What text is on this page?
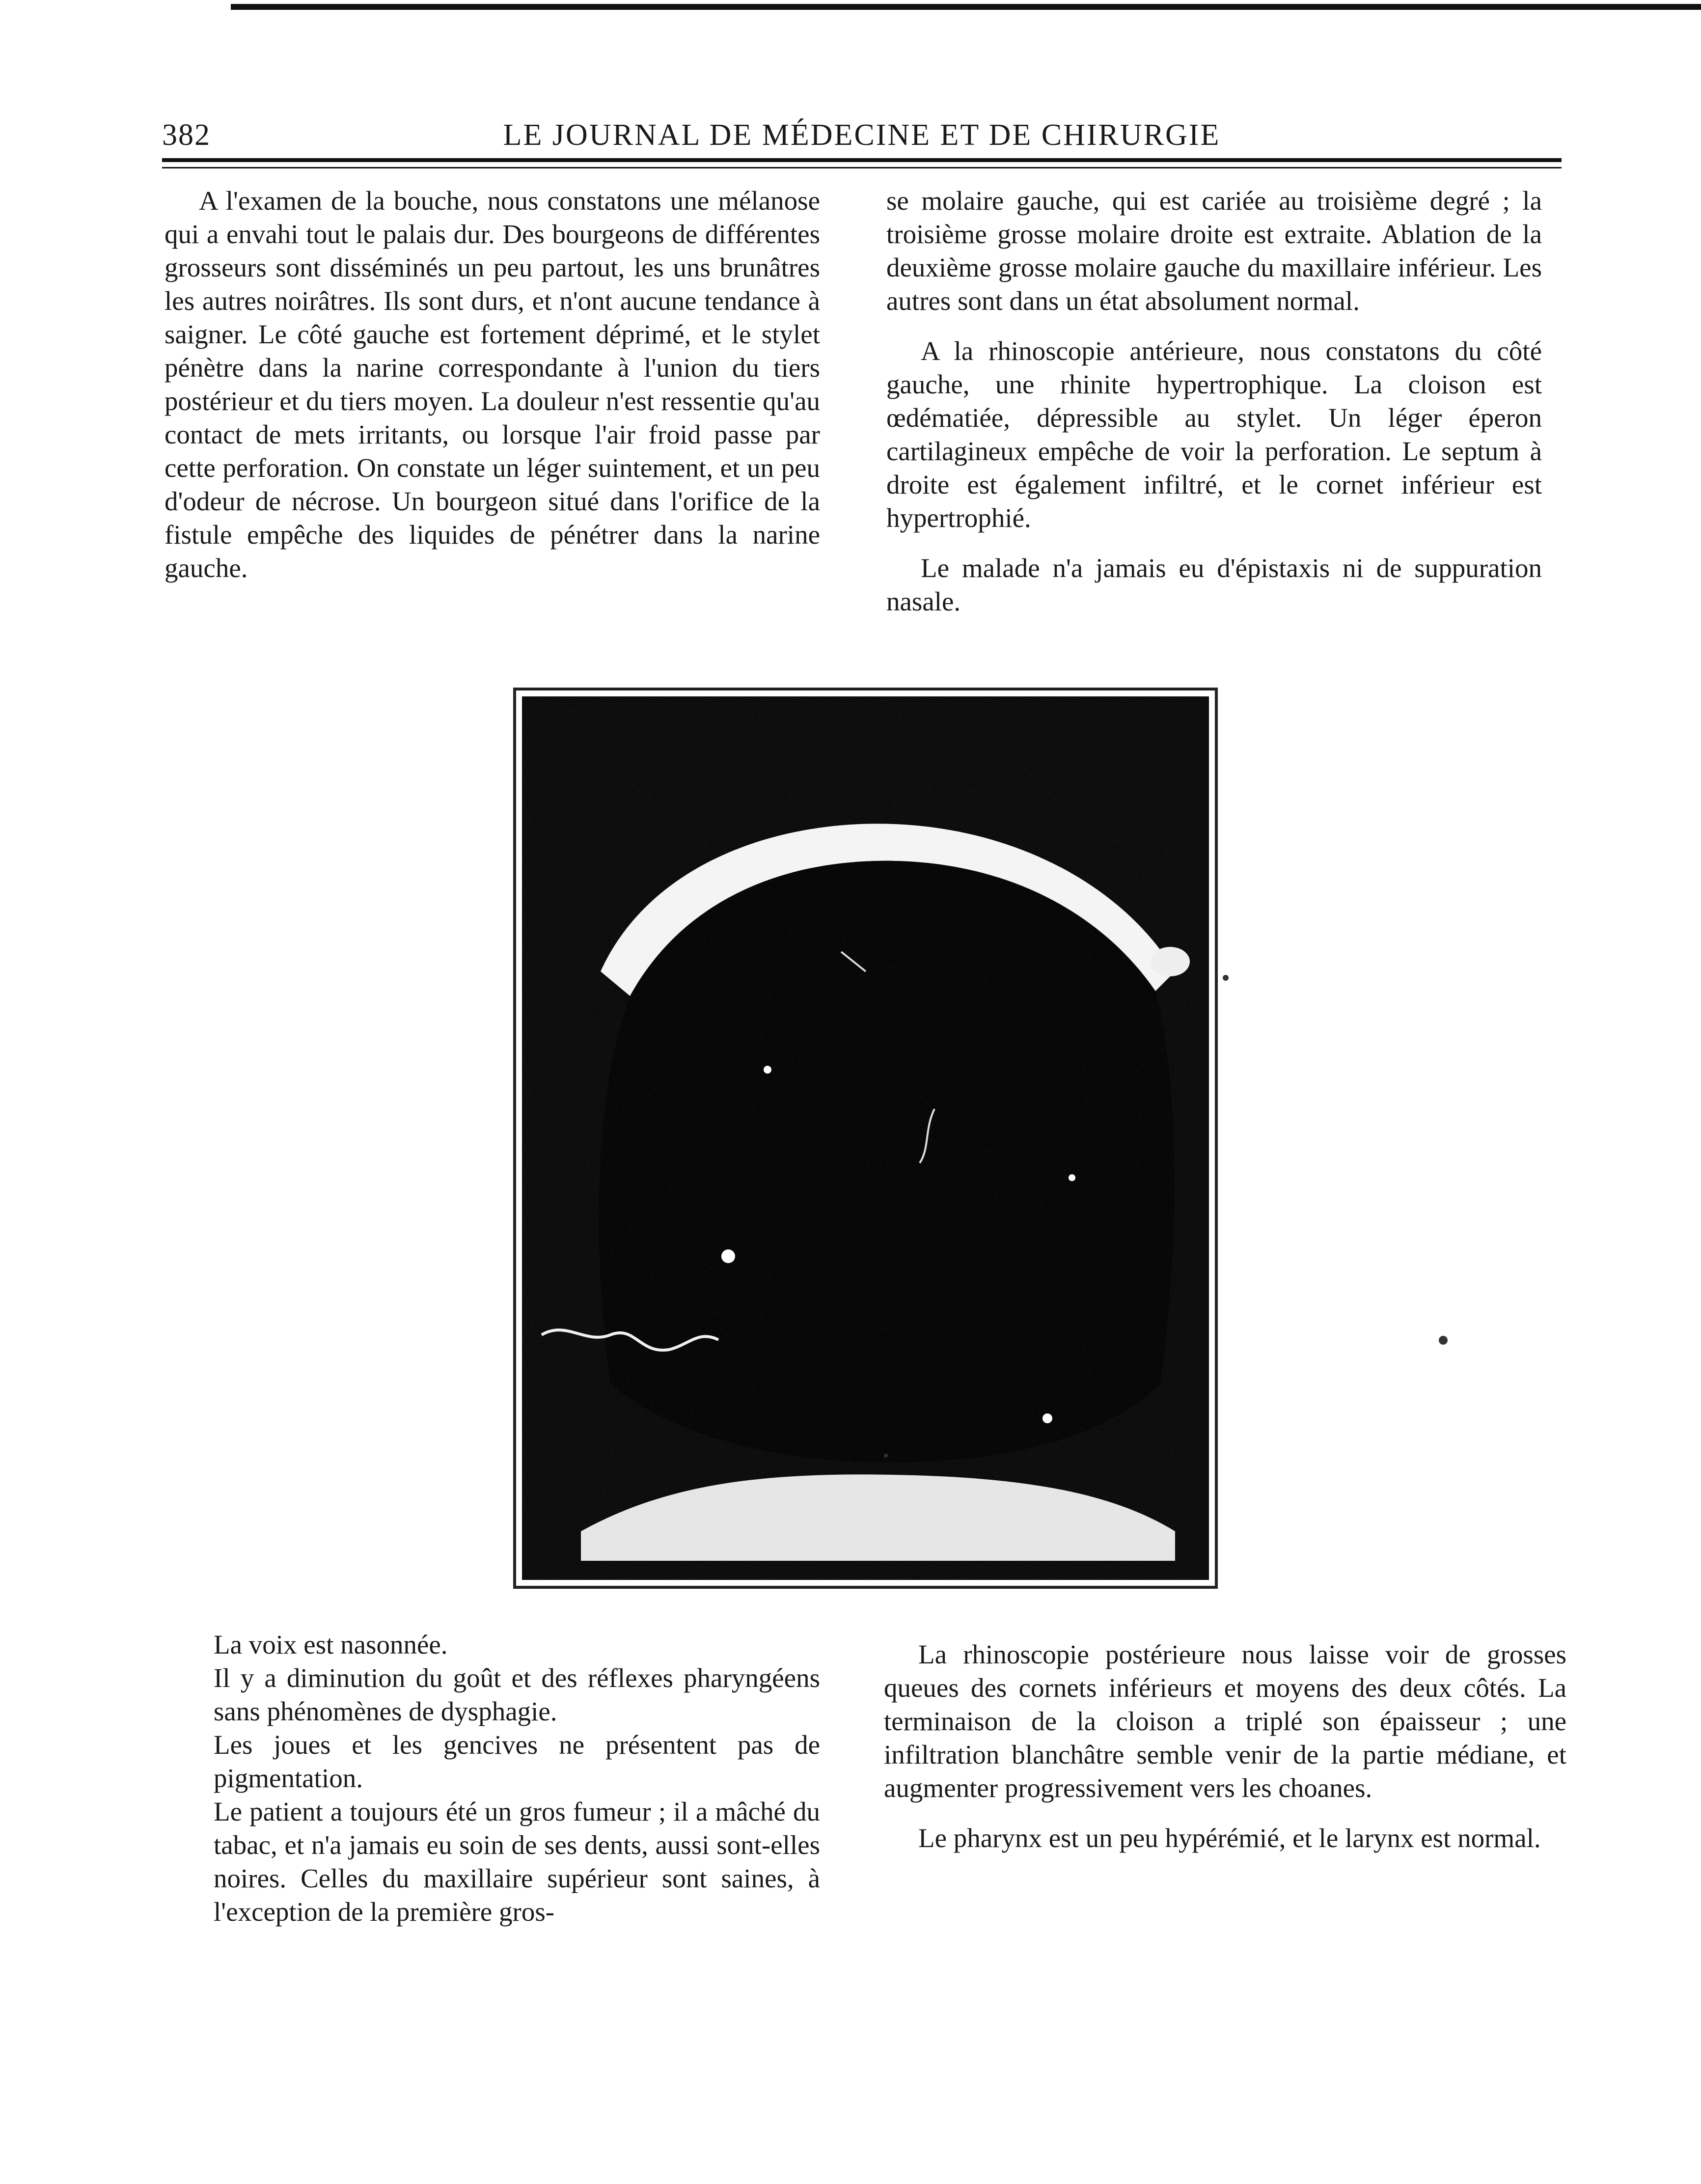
382	LE JOURNAL DE MÉDECINE ET DE CHIRURGIE

A l'examen de la bouche, nous constatons une mélanose qui a envahi tout le palais dur. Des bourgeons de différentes grosseurs sont disséminés un peu partout, les uns brunâtres les autres noirâtres. Ils sont durs, et n'ont aucune tendance à saigner. Le côté gauche est fortement déprimé, et le stylet pénètre dans la narine correspondante à l'union du tiers postérieur et du tiers moyen. La douleur n'est ressentie qu'au contact de mets irritants, ou lorsque l'air froid passe par cette perforation. On constate un léger suintement, et un peu d'odeur de nécrose. Un bourgeon situé dans l'orifice de la fistule empêche des liquides de pénétrer dans la narine gauche.

se molaire gauche, qui est cariée au troisième degré ; la troisième grosse molaire droite est extraite. Ablation de la deuxième grosse molaire gauche du maxillaire inférieur. Les autres sont dans un état absolument normal.

A la rhinoscopie antérieure, nous constatons du côté gauche, une rhinite hypertrophique. La cloison est œdématiée, dépressible au stylet. Un léger éperon cartilagineux empêche de voir la perforation. Le septum à droite est également infiltré, et le cornet inférieur est hypertrophié.

Le malade n'a jamais eu d'épistaxis ni de suppuration nasale.

La voix est nasonnée.

Il y a diminution du goût et des réflexes pharyngéens sans phénomènes de dysphagie.

Les joues et les gencives ne présentent pas de pigmentation.

Le patient a toujours été un gros fumeur ; il a mâché du tabac, et n'a jamais eu soin de ses dents, aussi sont-elles noires. Celles du maxillaire supérieur sont saines, à l'exception de la première gros-

La rhinoscopie postérieure nous laisse voir de grosses queues des cornets inférieurs et moyens des deux côtés. La terminaison de la cloison a triplé son épaisseur ; une infiltration blanchâtre semble venir de la partie médiane, et augmenter progressivement vers les choanes.

Le pharynx est un peu hypérémié, et le larynx est normal.
